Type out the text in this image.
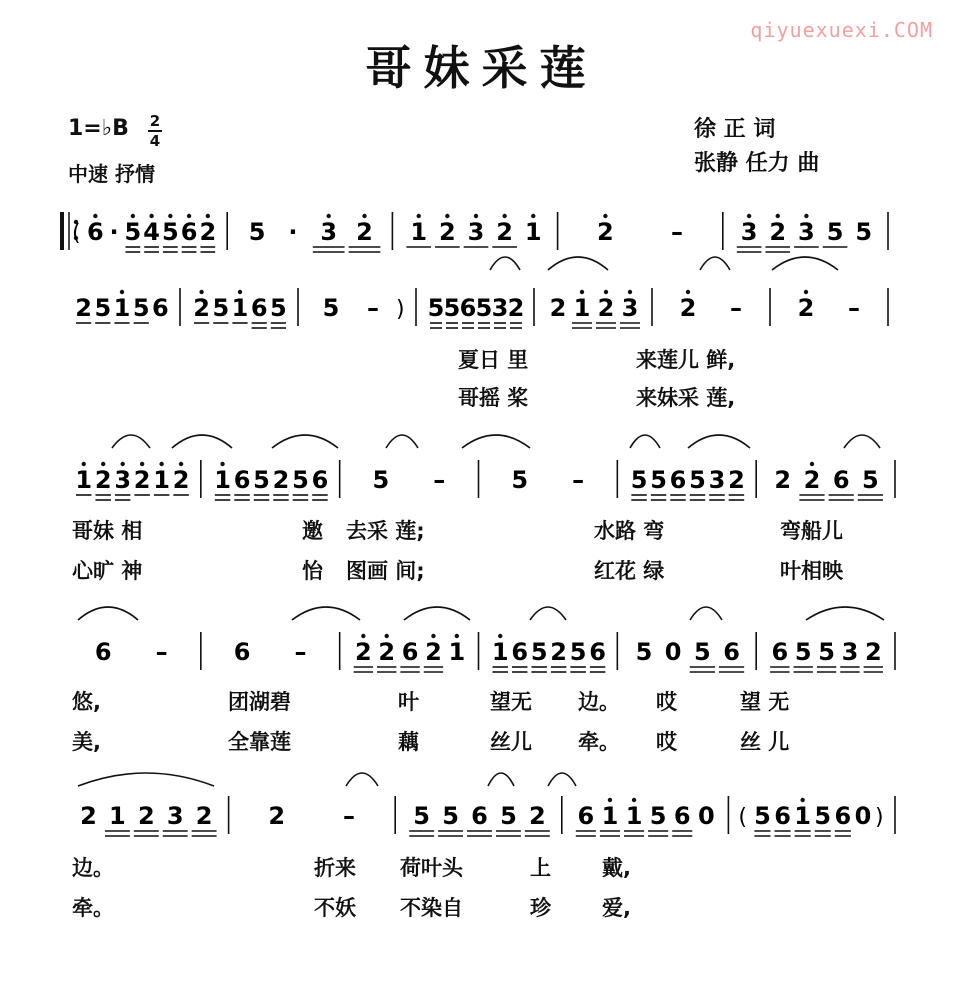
qiyuexuexi.COM
哥妹采莲
1=♭B 2
4
中速 抒情
徐 正 词
张静 任力 曲
( 6 · 5 4 5 6 2 5 · 3 2 1 2 3 2 1 2 – 3 2 3 5 5
2 5 1 5 6 2 5 1 6 5 5 – ) 5 5 6 5 3 2 2 1 2 3 2 – 2 –
1 2 3 2 1 2 1 6 5 2 5 6 5 –	5 – 5 5 6 5 3 2 2 2 6 5
6 –	6 – 2 2 6 2 1 1 6 5 2 5 6 5 0 5 6 6 5 5 3 2
2 1 2 3 2 2 – 5 5 6 5 2 6 1 1 5 6 0 ( 5 6 1 5 6 0 )
夏日 里	来莲儿 鲜,
哥摇 桨	来妹采 莲,
哥妹 相	邀 去采 莲;	水路 弯	弯船儿
心旷 神	怡 图画 间;	红花 绿	叶相映
悠,	团湖碧	叶	望无 边。 哎	望 无
美,	全靠莲	藕	丝儿 牵。 哎	丝 儿
边。	折来 荷叶头	上 戴,
牵。	不妖 不染自	珍 爱,
